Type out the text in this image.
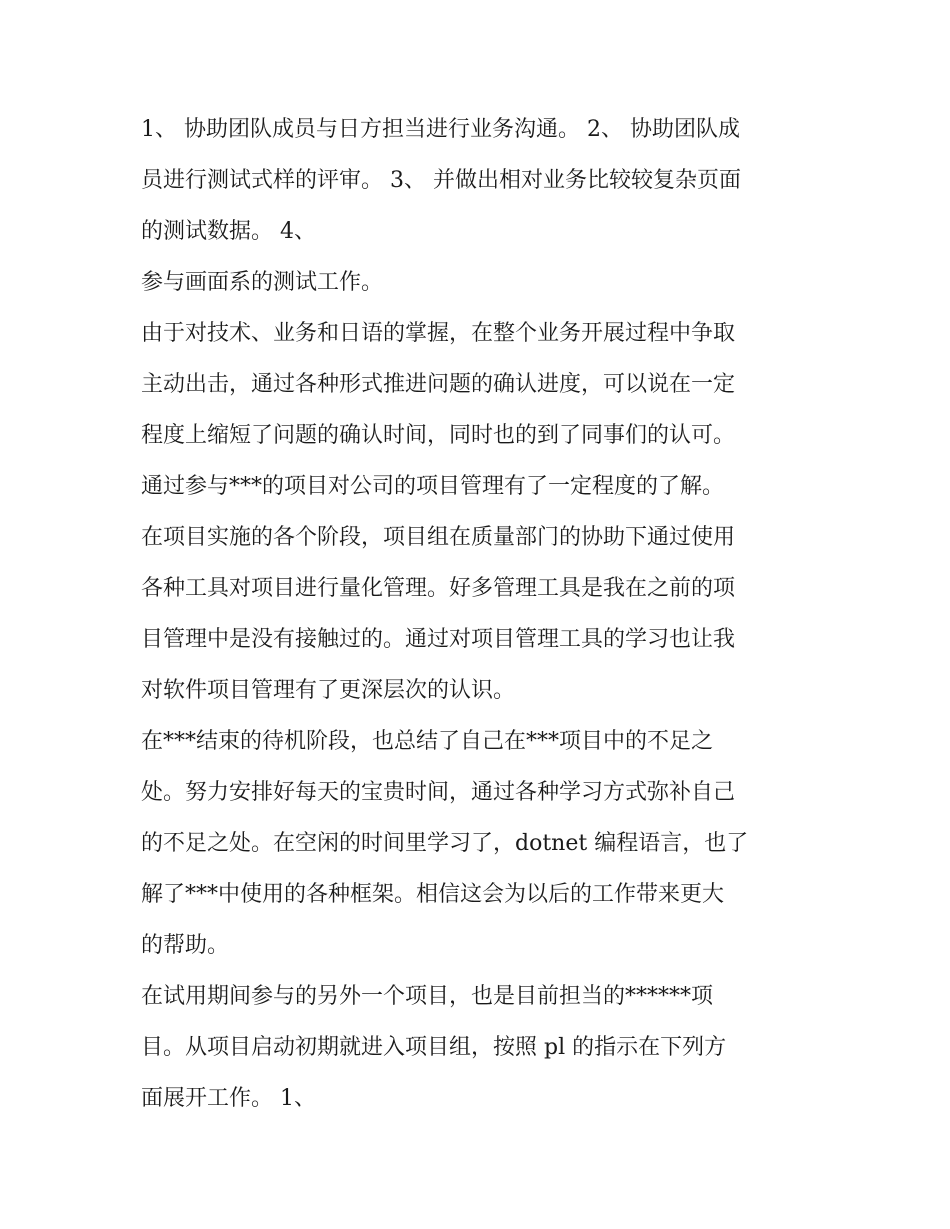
1、 协助团队成员与日方担当进行业务沟通。 2、 协助团队成
员进行测试式样的评审。 3、 并做出相对业务比较较复杂页面
的测试数据。 4、
参与画面系的测试工作。
由于对技术、业务和日语的掌握，在整个业务开展过程中争取
主动出击，通过各种形式推进问题的确认进度，可以说在一定
程度上缩短了问题的确认时间，同时也的到了同事们的认可。
通过参与***的项目对公司的项目管理有了一定程度的了解。
在项目实施的各个阶段，项目组在质量部门的协助下通过使用
各种工具对项目进行量化管理。好多管理工具是我在之前的项
目管理中是没有接触过的。通过对项目管理工具的学习也让我
对软件项目管理有了更深层次的认识。
在***结束的待机阶段，也总结了自己在***项目中的不足之
处。努力安排好每天的宝贵时间，通过各种学习方式弥补自己
的不足之处。在空闲的时间里学习了，dotnet 编程语言，也了
解了***中使用的各种框架。相信这会为以后的工作带来更大
的帮助。
在试用期间参与的另外一个项目，也是目前担当的******项
目。从项目启动初期就进入项目组，按照 pl 的指示在下列方
面展开工作。 1、
